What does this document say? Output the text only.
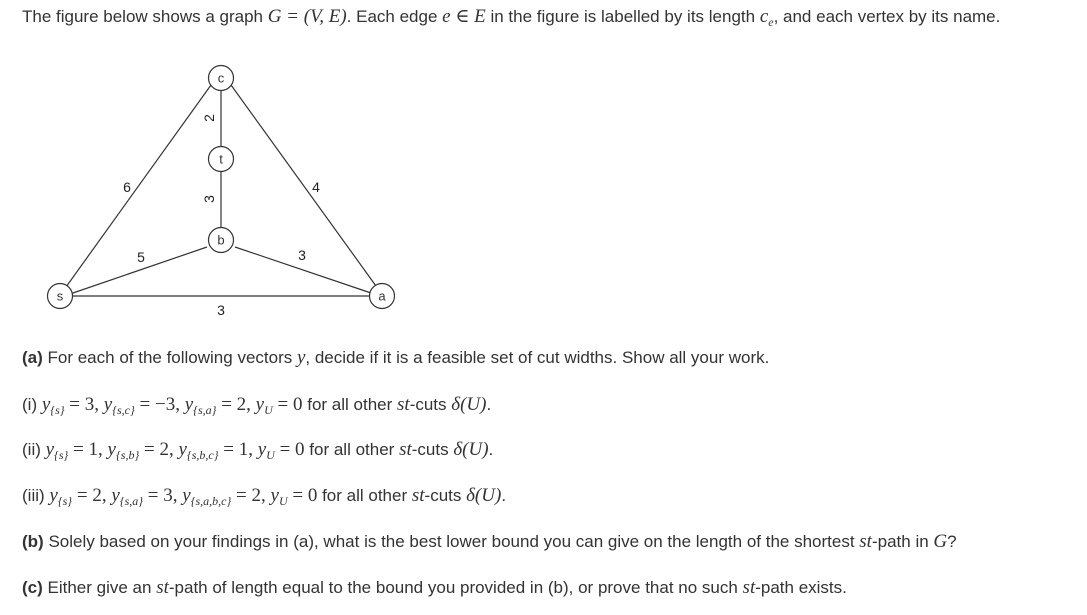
The figure below shows a graph G = (V, E). Each edge e ∈ E in the figure is labelled by its length $c_e$, and each vertex by its name.
c
t
b
s	a
2
3
6	4
5	3
3
(a) For each of the following vectors y, decide if it is a feasible set of cut widths. Show all your work.
(i) $y_{\{s\}} = 3$, $y_{\{s,c\}} = -3$, $y_{\{s,a\}} = 2$, $y_U = 0$ for all other st-cuts δ(U).
(ii) $y_{\{s\}} = 1$, $y_{\{s,b\}} = 2$, $y_{\{s,b,c\}} = 1$, $y_U = 0$ for all other st-cuts δ(U).
(iii) $y_{\{s\}} = 2$, $y_{\{s,a\}} = 3$, $y_{\{s,a,b,c\}} = 2$, $y_U = 0$ for all other st-cuts δ(U).
(b) Solely based on your findings in (a), what is the best lower bound you can give on the length of the shortest st-path in G?
(c) Either give an st-path of length equal to the bound you provided in (b), or prove that no such st-path exists.
